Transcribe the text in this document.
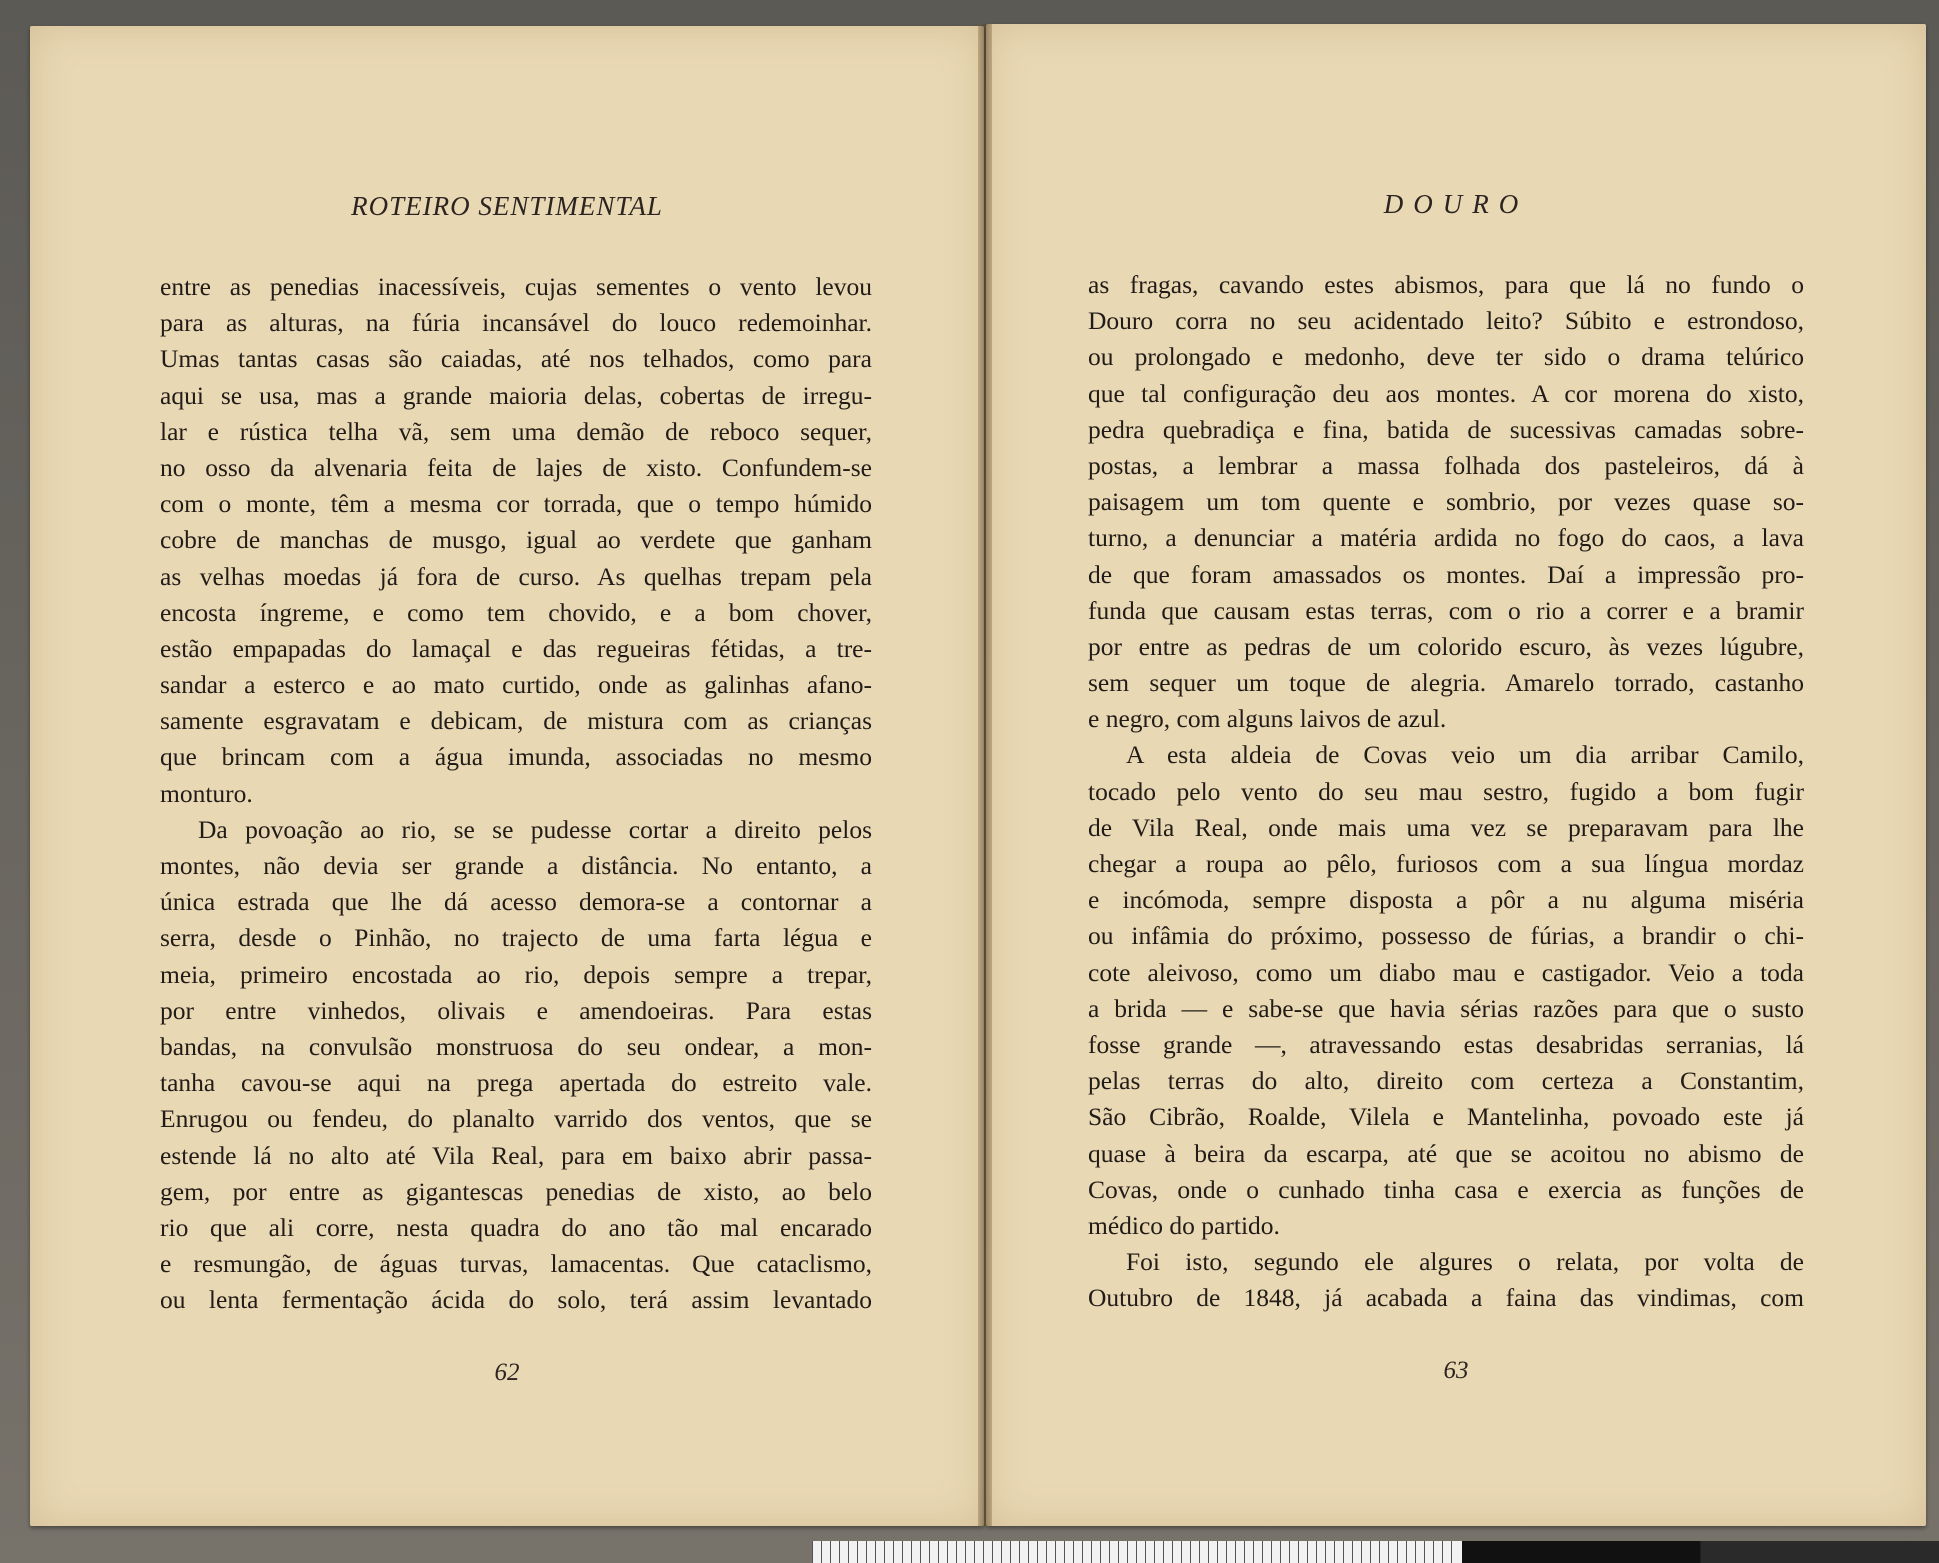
ROTEIRO SENTIMENTAL
entre as penedias inacessíveis, cujas sementes o vento levou
para as alturas, na fúria incansável do louco redemoinhar.
Umas tantas casas são caiadas, até nos telhados, como para
aqui se usa, mas a grande maioria delas, cobertas de irregu-
lar e rústica telha vã, sem uma demão de reboco sequer,
no osso da alvenaria feita de lajes de xisto. Confundem-se
com o monte, têm a mesma cor torrada, que o tempo húmido
cobre de manchas de musgo, igual ao verdete que ganham
as velhas moedas já fora de curso. As quelhas trepam pela
encosta íngreme, e como tem chovido, e a bom chover,
estão empapadas do lamaçal e das regueiras fétidas, a tre-
sandar a esterco e ao mato curtido, onde as galinhas afano-
samente esgravatam e debicam, de mistura com as crianças
que brincam com a água imunda, associadas no mesmo
monturo.
Da povoação ao rio, se se pudesse cortar a direito pelos
montes, não devia ser grande a distância. No entanto, a
única estrada que lhe dá acesso demora-se a contornar a
serra, desde o Pinhão, no trajecto de uma farta légua e
meia, primeiro encostada ao rio, depois sempre a trepar,
por entre vinhedos, olivais e amendoeiras. Para estas
bandas, na convulsão monstruosa do seu ondear, a mon-
tanha cavou-se aqui na prega apertada do estreito vale.
Enrugou ou fendeu, do planalto varrido dos ventos, que se
estende lá no alto até Vila Real, para em baixo abrir passa-
gem, por entre as gigantescas penedias de xisto, ao belo
rio que ali corre, nesta quadra do ano tão mal encarado
e resmungão, de águas turvas, lamacentas. Que cataclismo,
ou lenta fermentação ácida do solo, terá assim levantado
62
DOURO
as fragas, cavando estes abismos, para que lá no fundo o
Douro corra no seu acidentado leito? Súbito e estrondoso,
ou prolongado e medonho, deve ter sido o drama telúrico
que tal configuração deu aos montes. A cor morena do xisto,
pedra quebradiça e fina, batida de sucessivas camadas sobre-
postas, a lembrar a massa folhada dos pasteleiros, dá à
paisagem um tom quente e sombrio, por vezes quase so-
turno, a denunciar a matéria ardida no fogo do caos, a lava
de que foram amassados os montes. Daí a impressão pro-
funda que causam estas terras, com o rio a correr e a bramir
por entre as pedras de um colorido escuro, às vezes lúgubre,
sem sequer um toque de alegria. Amarelo torrado, castanho
e negro, com alguns laivos de azul.
A esta aldeia de Covas veio um dia arribar Camilo,
tocado pelo vento do seu mau sestro, fugido a bom fugir
de Vila Real, onde mais uma vez se preparavam para lhe
chegar a roupa ao pêlo, furiosos com a sua língua mordaz
e incómoda, sempre disposta a pôr a nu alguma miséria
ou infâmia do próximo, possesso de fúrias, a brandir o chi-
cote aleivoso, como um diabo mau e castigador. Veio a toda
a brida — e sabe-se que havia sérias razões para que o susto
fosse grande —, atravessando estas desabridas serranias, lá
pelas terras do alto, direito com certeza a Constantim,
São Cibrão, Roalde, Vilela e Mantelinha, povoado este já
quase à beira da escarpa, até que se acoitou no abismo de
Covas, onde o cunhado tinha casa e exercia as funções de
médico do partido.
Foi isto, segundo ele algures o relata, por volta de
Outubro de 1848, já acabada a faina das vindimas, com
63
